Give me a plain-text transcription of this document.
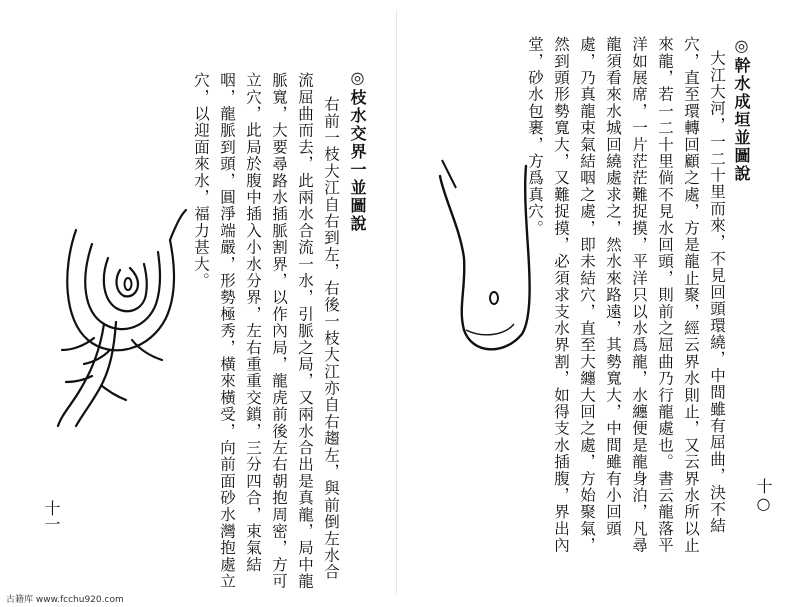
十○
◎幹水成垣並圖說
大江大河，一二十里而來，不見回頭環繞，中間雖有屈曲，決不結
穴，直至環轉回顧之處，方是龍止聚，經云界水則止，又云界水所以止
來龍，若一二十里倘不見水回頭，則前之屈曲乃行龍處也。書云龍落平
洋如展席，一片茫茫難捉摸，平洋只以水爲龍，水纏便是龍身泊，凡尋
龍須看來水城回繞處求之，然水來路遠，其勢寬大，中間雖有小回頭
處，乃真龍束氣結咽之處，即未結穴，直至大纏大回之處，方始聚氣，
然到頭形勢寬大，又難捉摸，必須求支水界割，如得支水插腹，界出內
堂，砂水包裹，方爲真穴。
十一
◎枝水交界一並圖說
右前一枝大江自右到左，右後一枝大江亦自右趨左，與前倒左水合
流屈曲而去，此兩水合流一水，引脈之局，又兩水合出是真龍，局中龍
脈寬，大要尋路水插脈割界，以作內局，龍虎前後左右朝抱周密，方可
立穴，此局於腹中插入小水分界，左右重重交鎖，三分四合，束氣結
咽，龍脈到頭，圓淨端嚴，形勢極秀，橫來橫受，向前面砂水灣抱處立
穴，以迎面來水，福力甚大。
古籍库 www.fcchu920.com
